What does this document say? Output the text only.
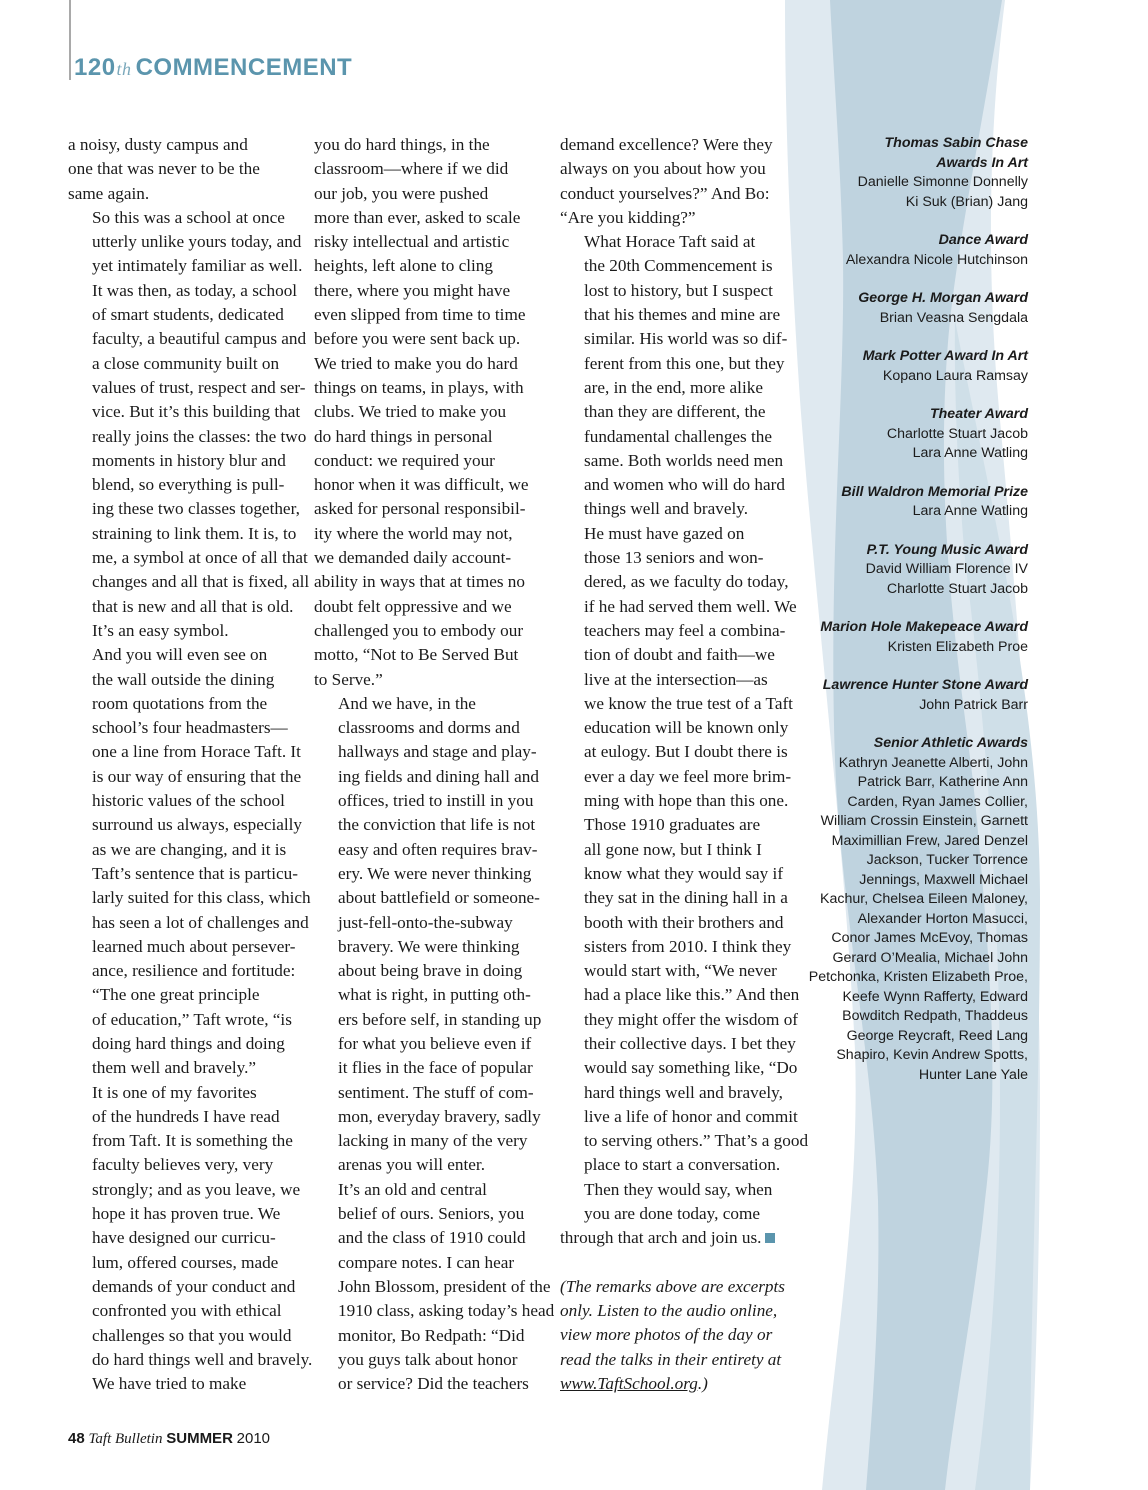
120th COMMENCEMENT

a noisy, dusty campus and
one that was never to be the
same again.

So this was a school at once
utterly unlike yours today, and
yet intimately familiar as well.
It was then, as today, a school
of smart students, dedicated
faculty, a beautiful campus and
a close community built on
values of trust, respect and ser-
vice. But it’s this building that
really joins the classes: the two
moments in history blur and
blend, so everything is pull-
ing these two classes together,
straining to link them. It is, to
me, a symbol at once of all that
changes and all that is fixed, all
that is new and all that is old.
It’s an easy symbol.

And you will even see on
the wall outside the dining
room quotations from the
school’s four headmasters—
one a line from Horace Taft. It
is our way of ensuring that the
historic values of the school
surround us always, especially
as we are changing, and it is
Taft’s sentence that is particu-
larly suited for this class, which
has seen a lot of challenges and
learned much about persever-
ance, resilience and fortitude:

“The one great principle
of education,” Taft wrote, “is
doing hard things and doing
them well and bravely.”

It is one of my favorites
of the hundreds I have read
from Taft. It is something the
faculty believes very, very
strongly; and as you leave, we
hope it has proven true. We
have designed our curricu-
lum, offered courses, made
demands of your conduct and
confronted you with ethical
challenges so that you would
do hard things well and bravely.

We have tried to make

you do hard things, in the
classroom—where if we did
our job, you were pushed
more than ever, asked to scale
risky intellectual and artistic
heights, left alone to cling
there, where you might have
even slipped from time to time
before you were sent back up.
We tried to make you do hard
things on teams, in plays, with
clubs. We tried to make you
do hard things in personal
conduct: we required your
honor when it was difficult, we
asked for personal responsibil-
ity where the world may not,
we demanded daily account-
ability in ways that at times no
doubt felt oppressive and we
challenged you to embody our
motto, “Not to Be Served But
to Serve.”

And we have, in the
classrooms and dorms and
hallways and stage and play-
ing fields and dining hall and
offices, tried to instill in you
the conviction that life is not
easy and often requires brav-
ery. We were never thinking
about battlefield or someone-
just-fell-onto-the-subway
bravery. We were thinking
about being brave in doing
what is right, in putting oth-
ers before self, in standing up
for what you believe even if
it flies in the face of popular
sentiment. The stuff of com-
mon, everyday bravery, sadly
lacking in many of the very
arenas you will enter.

It’s an old and central
belief of ours. Seniors, you
and the class of 1910 could
compare notes. I can hear
John Blossom, president of the
1910 class, asking today’s head
monitor, Bo Redpath: “Did
you guys talk about honor
or service? Did the teachers

demand excellence? Were they
always on you about how you
conduct yourselves?” And Bo:
“Are you kidding?”

What Horace Taft said at
the 20th Commencement is
lost to history, but I suspect
that his themes and mine are
similar. His world was so dif-
ferent from this one, but they
are, in the end, more alike
than they are different, the
fundamental challenges the
same. Both worlds need men
and women who will do hard
things well and bravely.

He must have gazed on
those 13 seniors and won-
dered, as we faculty do today,
if he had served them well. We
teachers may feel a combina-
tion of doubt and faith—we
live at the intersection—as
we know the true test of a Taft
education will be known only
at eulogy. But I doubt there is
ever a day we feel more brim-
ming with hope than this one.

Those 1910 graduates are
all gone now, but I think I
know what they would say if
they sat in the dining hall in a
booth with their brothers and
sisters from 2010. I think they
would start with, “We never
had a place like this.” And then
they might offer the wisdom of
their collective days. I bet they
would say something like, “Do
hard things well and bravely,
live a life of honor and commit
to serving others.” That’s a good
place to start a conversation.

Then they would say, when
you are done today, come
through that arch and join us.

(The remarks above are excerpts
only. Listen to the audio online,
view more photos of the day or
read the talks in their entirety at
www.TaftSchool.org.)

Thomas Sabin Chase
Awards In Art
Danielle Simonne Donnelly
Ki Suk (Brian) Jang
Dance Award
Alexandra Nicole Hutchinson
George H. Morgan Award
Brian Veasna Sengdala
Mark Potter Award In Art
Kopano Laura Ramsay
Theater Award
Charlotte Stuart Jacob
Lara Anne Watling
Bill Waldron Memorial Prize
Lara Anne Watling
P.T. Young Music Award
David William Florence IV
Charlotte Stuart Jacob
Marion Hole Makepeace Award
Kristen Elizabeth Proe
Lawrence Hunter Stone Award
John Patrick Barr
Senior Athletic Awards
Kathryn Jeanette Alberti, John
Patrick Barr, Katherine Ann
Carden, Ryan James Collier,
William Crossin Einstein, Garnett
Maximillian Frew, Jared Denzel
Jackson, Tucker Torrence
Jennings, Maxwell Michael
Kachur, Chelsea Eileen Maloney,
Alexander Horton Masucci,
Conor James McEvoy, Thomas
Gerard O’Mealia, Michael John
Petchonka, Kristen Elizabeth Proe,
Keefe Wynn Rafferty, Edward
Bowditch Redpath, Thaddeus
George Reycraft, Reed Lang
Shapiro, Kevin Andrew Spotts,
Hunter Lane Yale
48 Taft Bulletin SUMMER 2010
